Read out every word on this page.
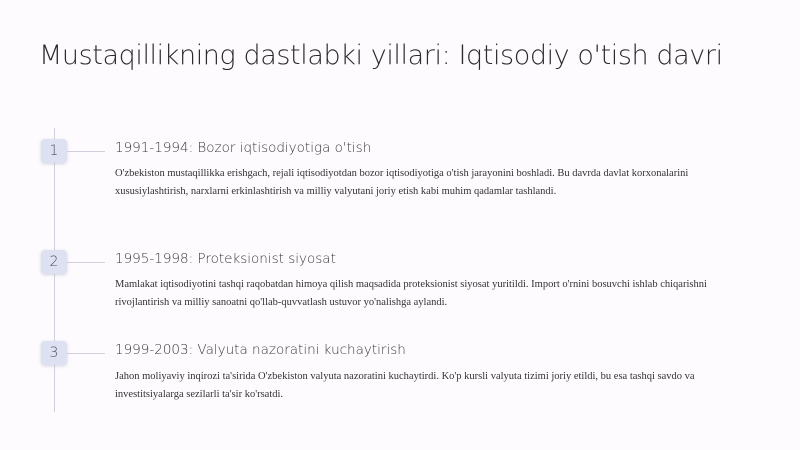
Mustaqillikning dastlabki yillari: Iqtisodiy o'tish davri
1	1991-1994: Bozor iqtisodiyotiga o'tish

O'zbekiston mustaqillikka erishgach, rejali iqtisodiyotdan bozor iqtisodiyotiga o'tish jarayonini boshladi. Bu davrda davlat korxonalarini xususiylashtirish, narxlarni erkinlashtirish va milliy valyutani joriy etish kabi muhim qadamlar tashlandi.

2	1995-1998: Proteksionist siyosat

Mamlakat iqtisodiyotini tashqi raqobatdan himoya qilish maqsadida proteksionist siyosat yuritildi. Import o'rnini bosuvchi ishlab chiqarishni rivojlantirish va milliy sanoatni qo'llab-quvvatlash ustuvor yo'nalishga aylandi.

3	1999-2003: Valyuta nazoratini kuchaytirish

Jahon moliyaviy inqirozi ta'sirida O'zbekiston valyuta nazoratini kuchaytirdi. Ko'p kursli valyuta tizimi joriy etildi, bu esa tashqi savdo va investitsiyalarga sezilarli ta'sir ko'rsatdi.
